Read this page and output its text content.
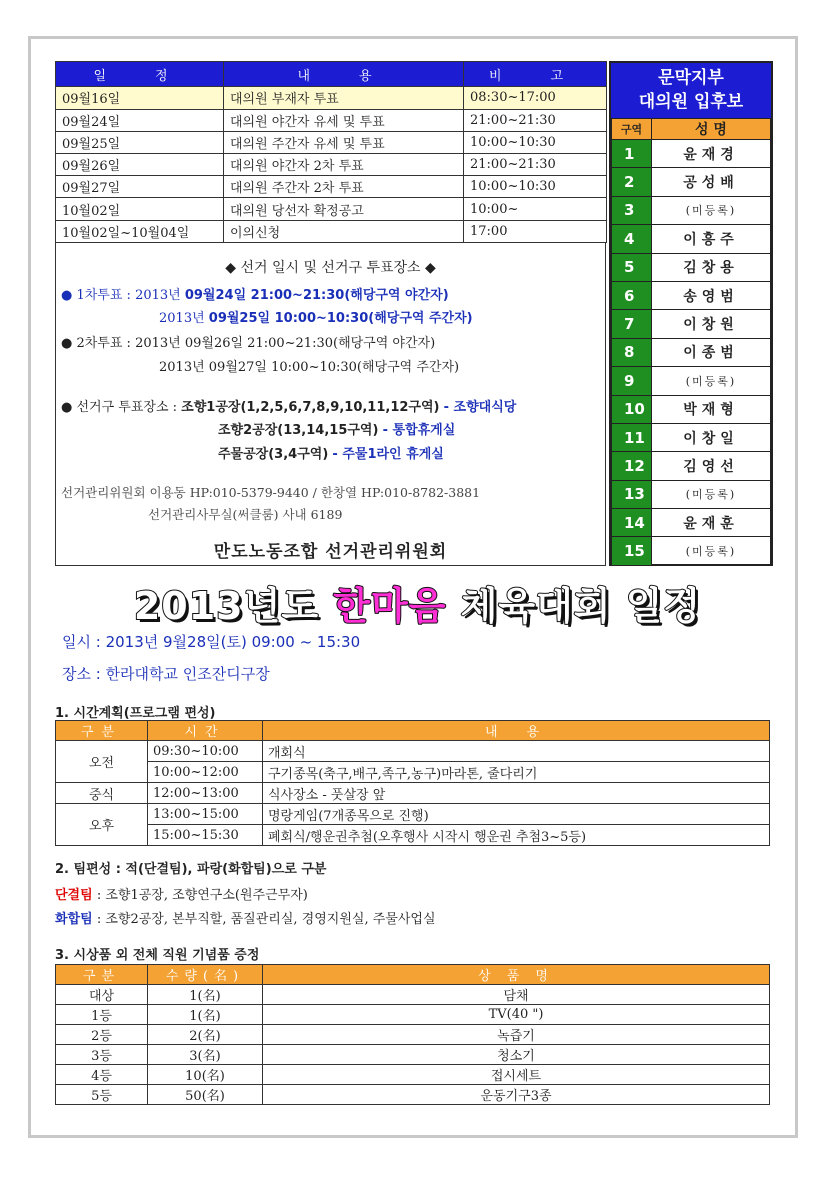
일　정	내　용	비　고
09월16일	대의원 부재자 투표	08:30~17:00
09월24일	대의원 야간자 유세 및 투표	21:00~21:30
09월25일	대의원 주간자 유세 및 투표	10:00~10:30
09월26일	대의원 야간자 2차 투표	21:00~21:30
09월27일	대의원 주간자 2차 투표	10:00~10:30
10월02일	대의원 당선자 확정공고	10:00~
10월02일~10월04일	이의신청	17:00
◆ 선거 일시 및 선거구 투표장소 ◆
● 1차투표 : 2013년 09월24일 21:00~21:30(해당구역 야간자)
2013년 09월25일 10:00~10:30(해당구역 주간자)
● 2차투표 : 2013년 09월26일 21:00~21:30(해당구역 야간자)
2013년 09월27일 10:00~10:30(해당구역 주간자)
● 선거구 투표장소 : 조향1공장(1,2,5,6,7,8,9,10,11,12구역) - 조향대식당
조향2공장(13,14,15구역) - 통합휴게실
주물공장(3,4구역) - 주물1라인 휴게실
선거관리위원회 이용동 HP:010-5379-9440 / 한창열 HP:010-8782-3881
선거관리사무실(써클룸) 사내 6189
만도노동조합 선거관리위원회
문막지부
대의원 입후보
구역	성 명
1	윤재경
2	공성배
3	(미등록)
4	이흥주
5	김창용
6	송영범
7	이창원
8	이종범
9	(미등록)
10	박재형
11	이창일
12	김영선
13	(미등록)
14	윤재훈
15	(미등록)
2013년도 한마음 체육대회 일정
일시 : 2013년 9월28일(토) 09:00 ~ 15:30
장소 : 한라대학교 인조잔디구장
1. 시간계획(프로그램 편성)
구분	시간	내　용
오전	09:30~10:00	개회식
	10:00~12:00	구기종목(축구,배구,족구,농구)마라톤, 줄다리기
중식	12:00~13:00	식사장소 - 풋살장 앞
오후	13:00~15:00	명랑게임(7개종목으로 진행)
	15:00~15:30	폐회식/행운권추첨(오후행사 시작시 행운권 추첨3~5등)
2. 팀편성 : 적(단결팀), 파랑(화합팀)으로 구분
단결팀 : 조향1공장, 조향연구소(원주근무자)
화합팀 : 조향2공장, 본부직할, 품질관리실, 경영지원실, 주물사업실
3. 시상품 외 전체 직원 기념품 증정
구분	수량(名)	상 품 명
대상	1(名)	담채
1등	1(名)	TV(40 ")
2등	2(名)	녹즙기
3등	3(名)	청소기
4등	10(名)	접시세트
5등	50(名)	운동기구3종
